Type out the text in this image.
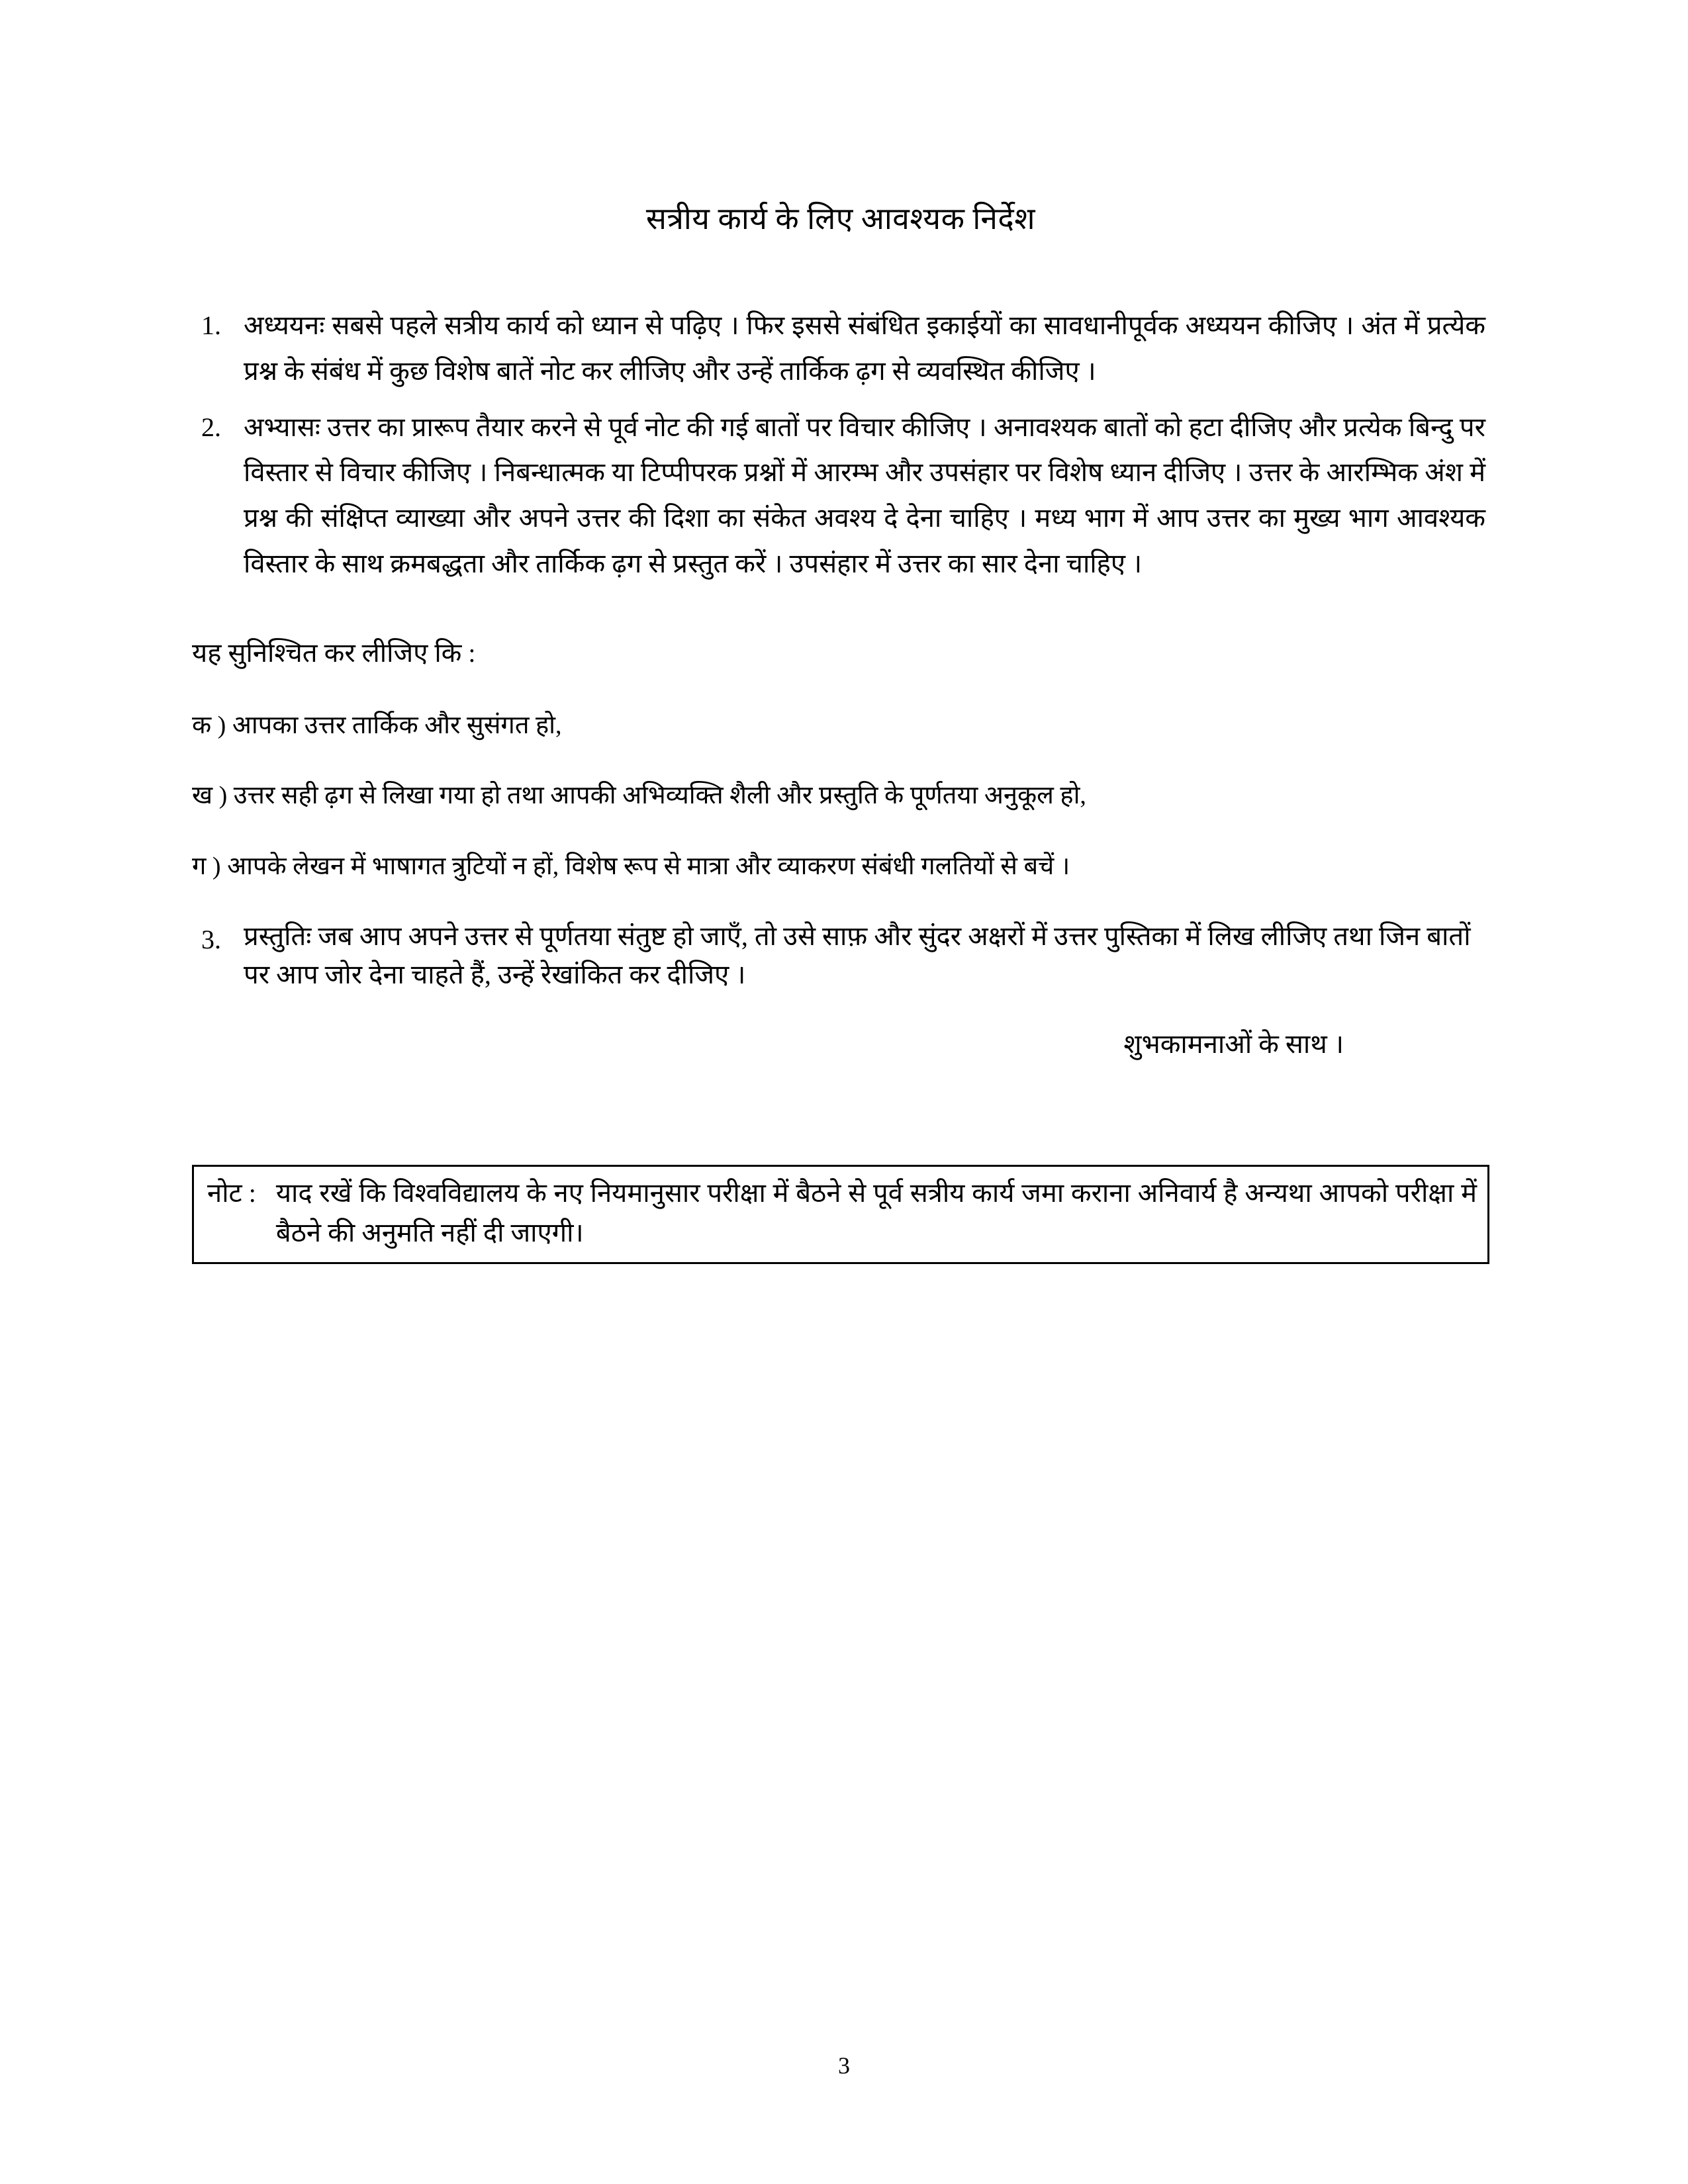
सत्रीय कार्य के लिए आवश्यक निर्देश
1. अध्ययनः सबसे पहले सत्रीय कार्य को ध्यान से पढ़िए । फिर इससे संबंधित इकाईयों का सावधानीपूर्वक अध्ययन कीजिए । अंत में प्रत्येक प्रश्न के संबंध में कुछ विशेष बातें नोट कर लीजिए और उन्हें तार्किक ढ़ग से व्यवस्थित कीजिए ।
2. अभ्यासः उत्तर का प्रारूप तैयार करने से पूर्व नोट की गई बातों पर विचार कीजिए । अनावश्यक बातों को हटा दीजिए और प्रत्येक बिन्दु पर विस्तार से विचार कीजिए । निबन्धात्मक या टिप्पीपरक प्रश्नों में आरम्भ और उपसंहार पर विशेष ध्यान दीजिए । उत्तर के आरम्भिक अंश में प्रश्न की संक्षिप्त व्याख्या और अपने उत्तर की दिशा का संकेत अवश्य दे देना चाहिए । मध्य भाग में आप उत्तर का मुख्य भाग आवश्यक विस्तार के साथ क्रमबद्धता और तार्किक ढ़ग से प्रस्तुत करें । उपसंहार में उत्तर का सार देना चाहिए ।

यह सुनिश्चित कर लीजिए कि :

क ) आपका उत्तर तार्किक और सुसंगत हो,

ख ) उत्तर सही ढ़ग से लिखा गया हो तथा आपकी अभिव्यक्ति शैली और प्रस्तुति के पूर्णतया अनुकूल हो,

ग ) आपके लेखन में भाषागत त्रुटियों न हों, विशेष रूप से मात्रा और व्याकरण संबंधी गलतियों से बचें ।

3. प्रस्तुतिः जब आप अपने उत्तर से पूर्णतया संतुष्ट हो जाएँ, तो उसे साफ़ और सुंदर अक्षरों में उत्तर पुस्तिका में लिख लीजिए तथा जिन बातों पर आप जोर देना चाहते हैं, उन्हें रेखांकित कर दीजिए ।

शुभकामनाओं के साथ ।

नोट : याद रखें कि विश्वविद्यालय के नए नियमानुसार परीक्षा में बैठने से पूर्व सत्रीय कार्य जमा कराना अनिवार्य है अन्यथा आपको परीक्षा में बैठने की अनुमति नहीं दी जाएगी।
3
